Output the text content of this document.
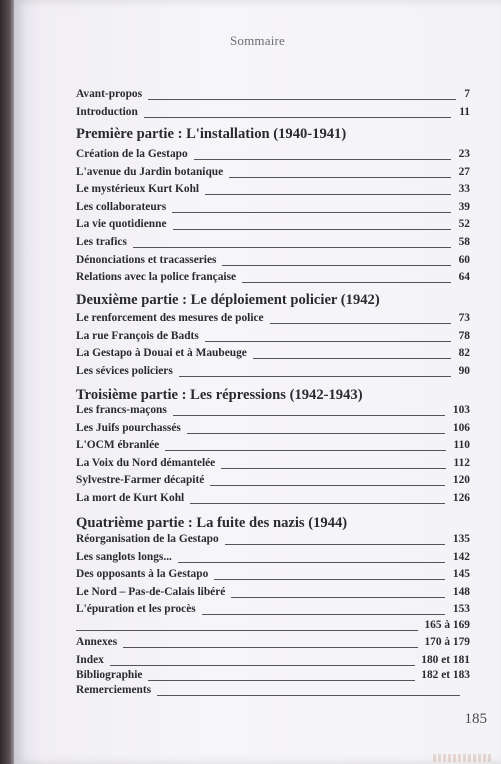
Sommaire
Avant-propos	7
Introduction	11
Première partie : L'installation (1940-1941)
Création de la Gestapo	23
L'avenue du Jardin botanique	27
Le mystérieux Kurt Kohl	33
Les collaborateurs	39
La vie quotidienne	52
Les trafics	58
Dénonciations et tracasseries	60
Relations avec la police française	64
Deuxième partie : Le déploiement policier (1942)
Le renforcement des mesures de police	73
La rue François de Badts	78
La Gestapo à Douai et à Maubeuge	82
Les sévices policiers	90
Troisième partie : Les répressions (1942-1943)
Les francs-maçons	103
Les Juifs pourchassés	106
L'OCM ébranlée	110
La Voix du Nord démantelée	112
Sylvestre-Farmer décapité	120
La mort de Kurt Kohl	126
Quatrième partie : La fuite des nazis (1944)
Réorganisation de la Gestapo	135
Les sanglots longs...	142
Des opposants à la Gestapo	145
Le Nord – Pas-de-Calais libéré	148
L'épuration et les procès	153
165 à 169
Annexes	170 à 179
Index	180 et 181
Bibliographie	182 et 183
Remerciements
185
